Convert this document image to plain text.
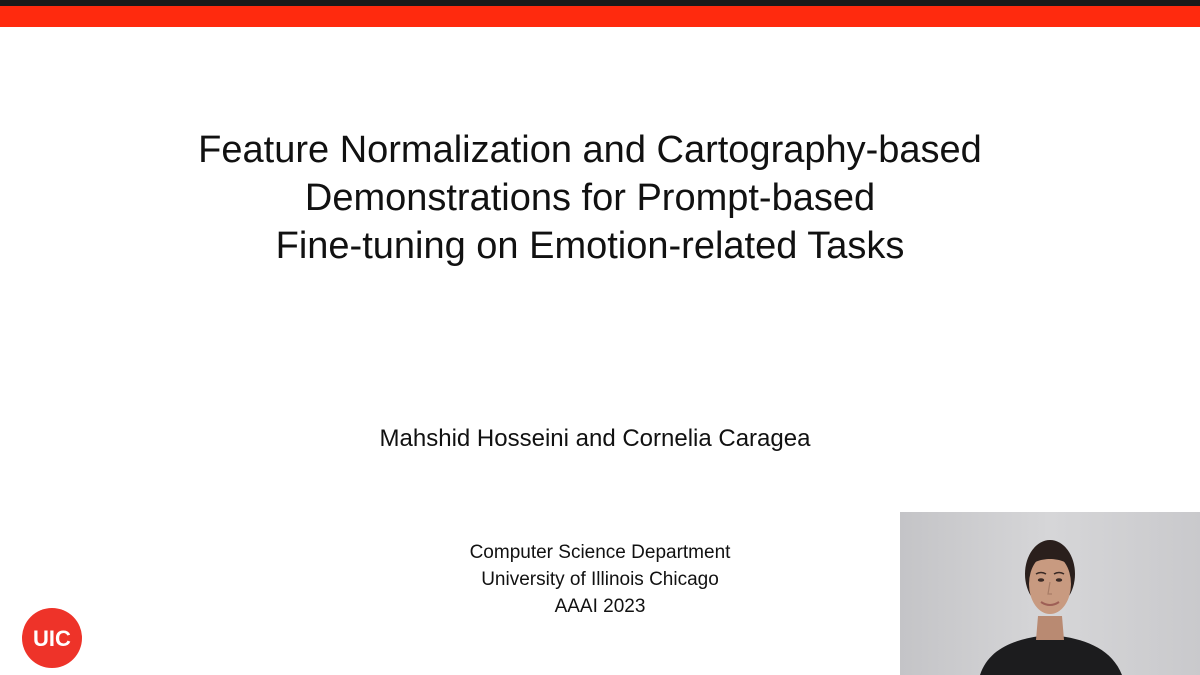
Feature Normalization and Cartography-based
Demonstrations for Prompt-based
Fine-tuning on Emotion-related Tasks
Mahshid Hosseini and Cornelia Caragea
Computer Science Department
University of Illinois Chicago
AAAI 2023
UIC
